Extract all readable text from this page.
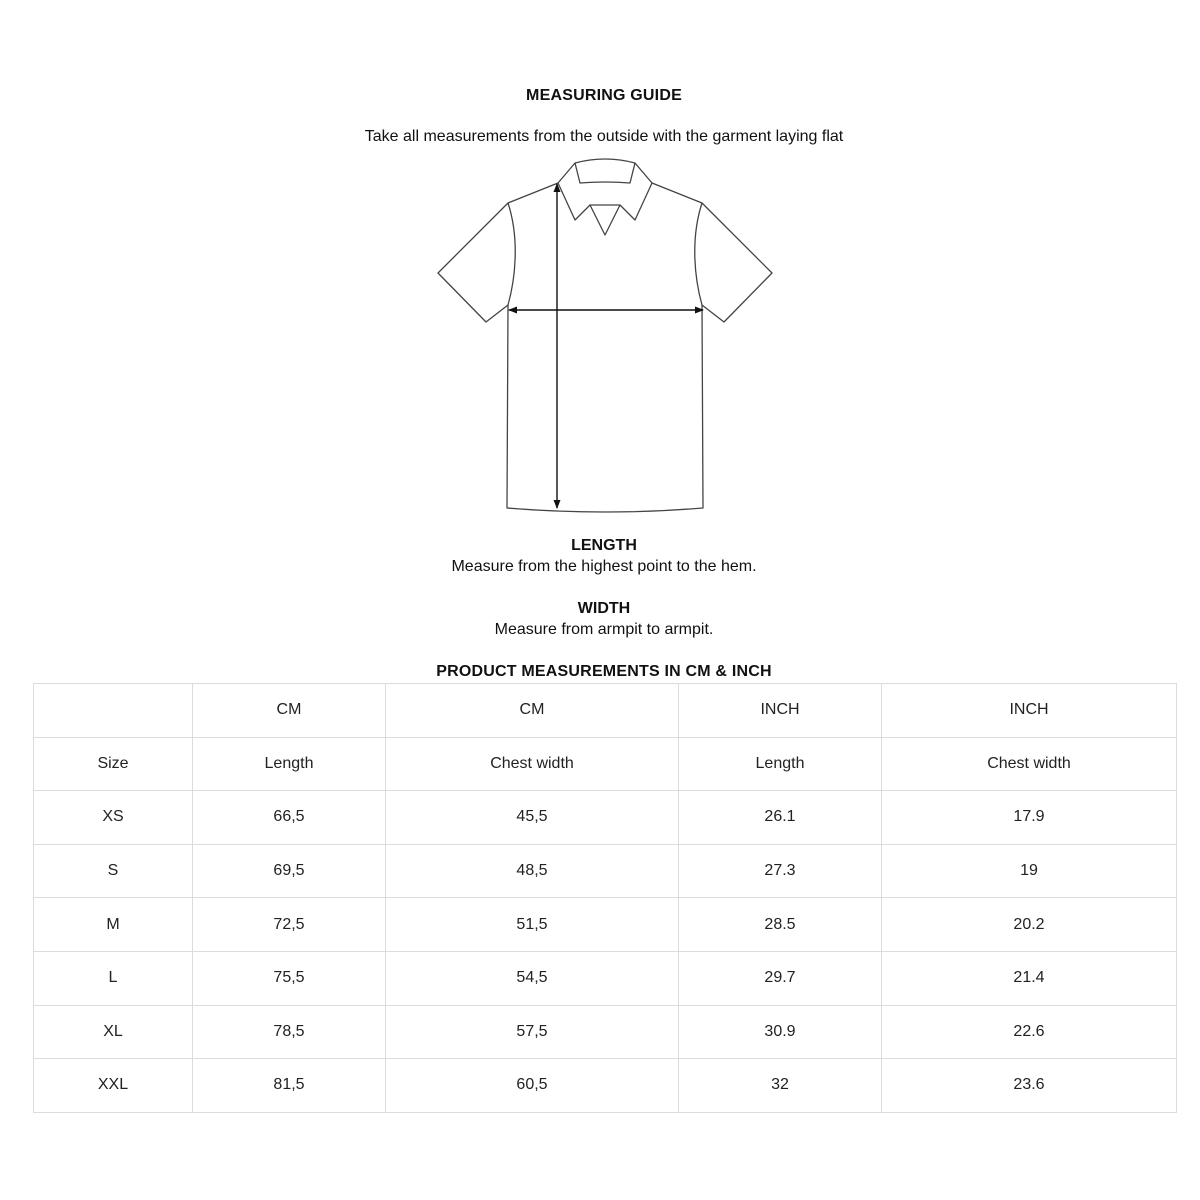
MEASURING GUIDE
Take all measurements from the outside with the garment laying flat
LENGTH
Measure from the highest point to the hem.
WIDTH
Measure from armpit to armpit.
PRODUCT MEASUREMENTS IN CM & INCH
	CM	CM	INCH	INCH
Size	Length	Chest width	Length	Chest width
XS	66,5	45,5	26.1	17.9
S	69,5	48,5	27.3	19
M	72,5	51,5	28.5	20.2
L	75,5	54,5	29.7	21.4
XL	78,5	57,5	30.9	22.6
XXL	81,5	60,5	32	23.6
